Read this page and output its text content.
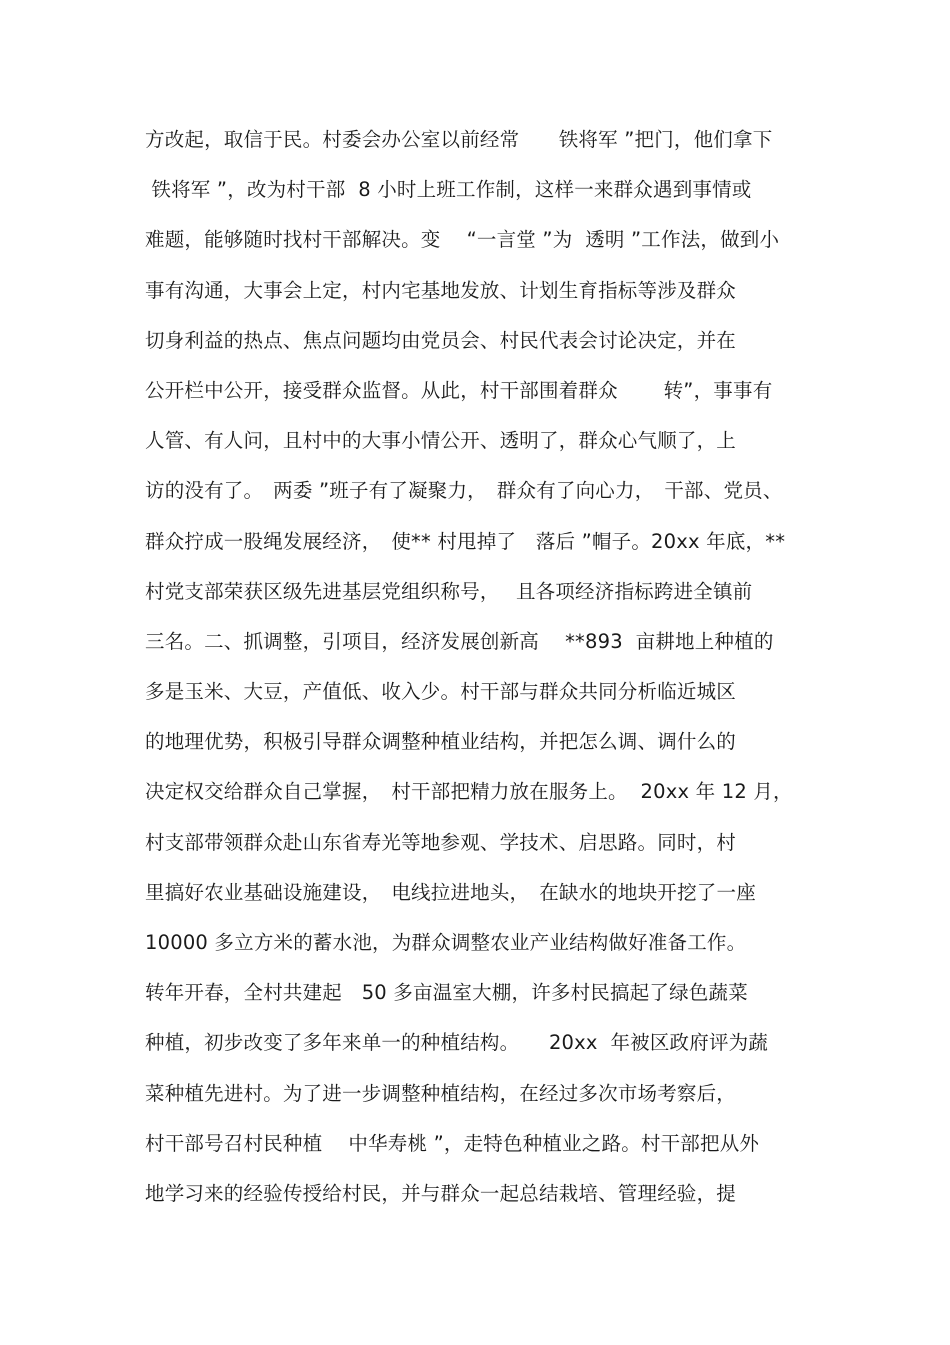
方改起，取信于民。村委会办公室以前经常　　铁将军 ”把门，他们拿下
铁将军 ”，改为村干部  8 小时上班工作制，这样一来群众遇到事情或
难题，能够随时找村干部解决。变　 “一言堂 ”为  透明 ”工作法，做到小
事有沟通，大事会上定，村内宅基地发放、计划生育指标等涉及群众
切身利益的热点、焦点问题均由党员会、村民代表会讨论决定，并在
公开栏中公开，接受群众监督。从此，村干部围着群众　　 转”，事事有
人管、有人问，且村中的大事小情公开、透明了，群众心气顺了，上
访的没有了。　两委 ”班子有了凝聚力，　群众有了向心力，　干部、党员、
群众拧成一股绳发展经济，　使** 村甩掉了　落后 ”帽子。20xx 年底，**
村党支部荣获区级先进基层党组织称号，　 且各项经济指标跨进全镇前
三名。二、抓调整，引项目，经济发展创新高　 **893  亩耕地上种植的
多是玉米、大豆，产值低、收入少。村干部与群众共同分析临近城区
的地理优势，积极引导群众调整种植业结构，并把怎么调、调什么的
决定权交给群众自己掌握，　村干部把精力放在服务上。  20xx 年 12 月，
村支部带领群众赴山东省寿光等地参观、学技术、启思路。同时，村
里搞好农业基础设施建设，　电线拉进地头，　在缺水的地块开挖了一座
10000 多立方米的蓄水池，为群众调整农业产业结构做好准备工作。
转年开春，全村共建起　50 多亩温室大棚，许多村民搞起了绿色蔬菜
种植，初步改变了多年来单一的种植结构。　　20xx  年被区政府评为蔬
菜种植先进村。为了进一步调整种植结构，在经过多次市场考察后，
村干部号召村民种植　 中华寿桃 ”，走特色种植业之路。村干部把从外
地学习来的经验传授给村民，并与群众一起总结栽培、管理经验，提
